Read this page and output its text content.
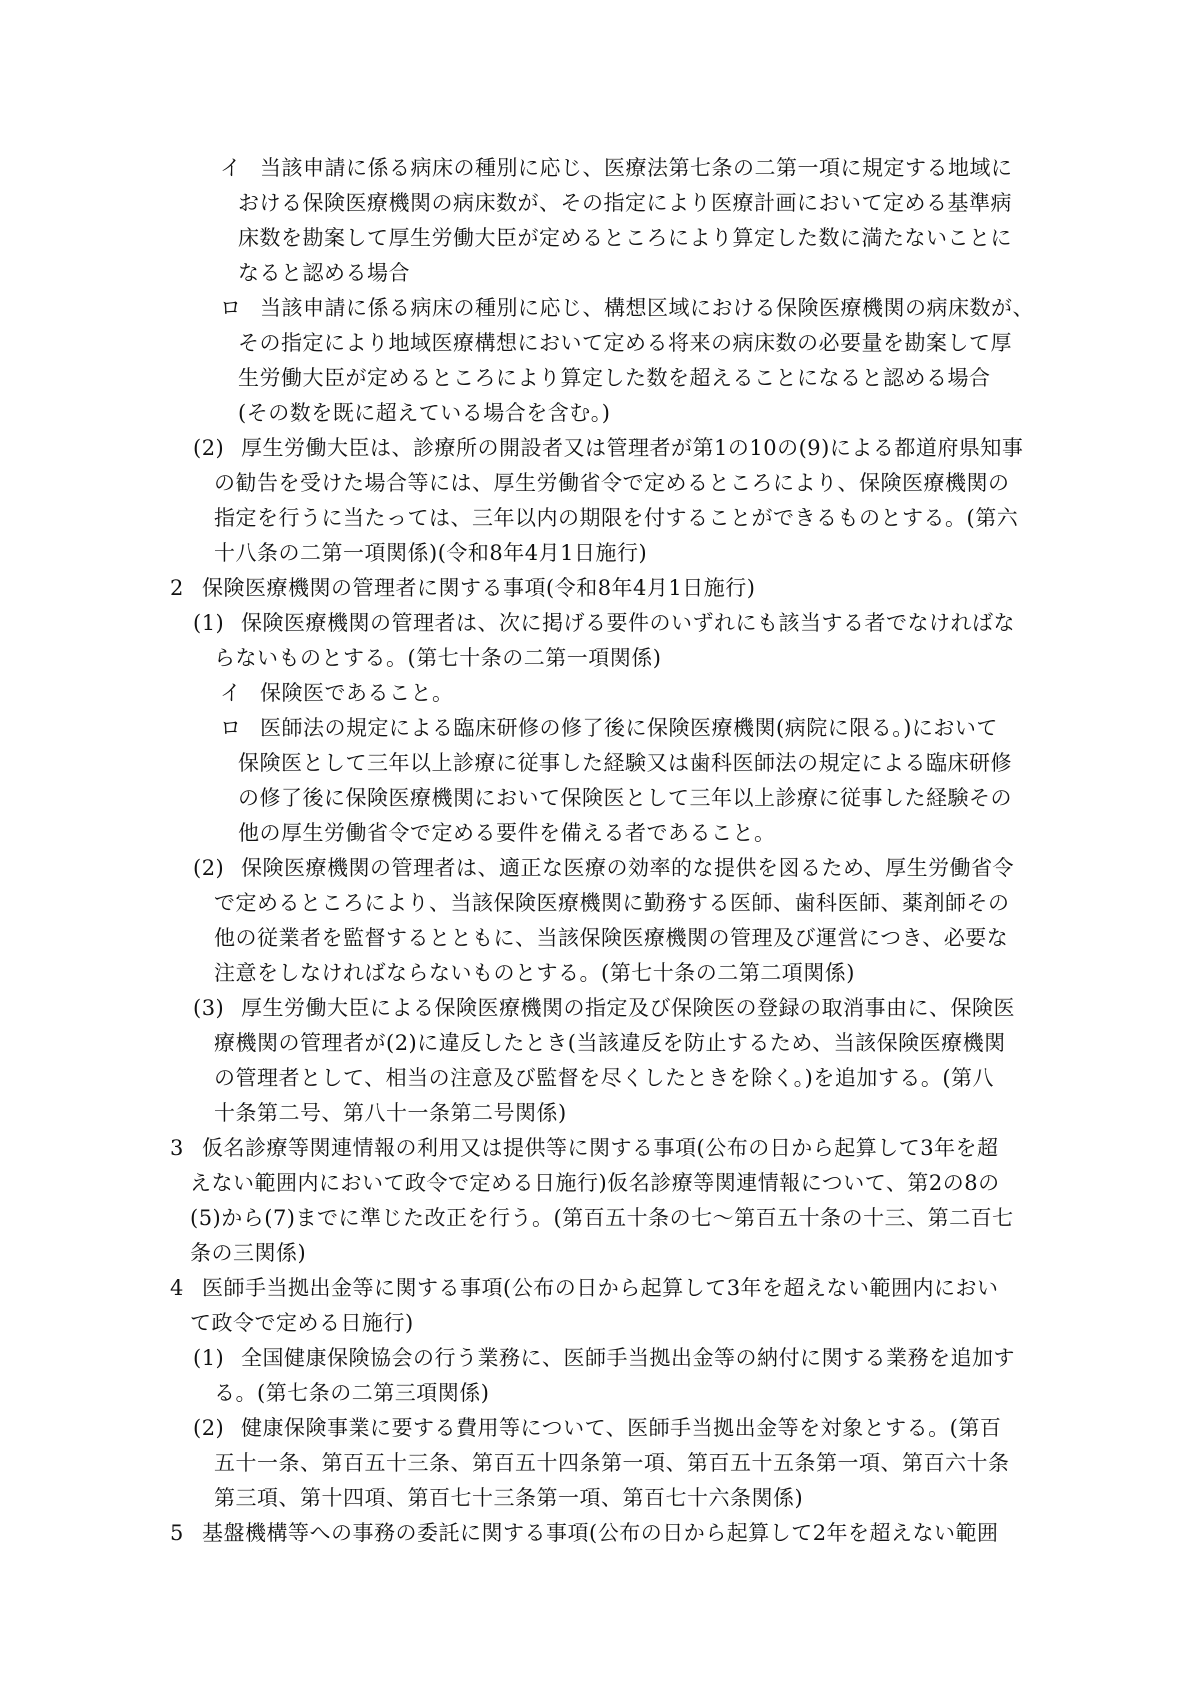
イ 当該申請に係る病床の種別に応じ、医療法第七条の二第一項に規定する地域に
おける保険医療機関の病床数が、その指定により医療計画において定める基準病
床数を勘案して厚生労働大臣が定めるところにより算定した数に満たないことに
なると認める場合
ロ 当該申請に係る病床の種別に応じ、構想区域における保険医療機関の病床数が、
その指定により地域医療構想において定める将来の病床数の必要量を勘案して厚
生労働大臣が定めるところにより算定した数を超えることになると認める場合
(その数を既に超えている場合を含む。)
(2) 厚生労働大臣は、診療所の開設者又は管理者が第1の10の(9)による都道府県知事
の勧告を受けた場合等には、厚生労働省令で定めるところにより、保険医療機関の
指定を行うに当たっては、三年以内の期限を付することができるものとする。(第六
十八条の二第一項関係)(令和8年4月1日施行)
2 保険医療機関の管理者に関する事項(令和8年4月1日施行)
(1) 保険医療機関の管理者は、次に掲げる要件のいずれにも該当する者でなければな
らないものとする。(第七十条の二第一項関係)
イ 保険医であること。
ロ 医師法の規定による臨床研修の修了後に保険医療機関(病院に限る。)において
保険医として三年以上診療に従事した経験又は歯科医師法の規定による臨床研修
の修了後に保険医療機関において保険医として三年以上診療に従事した経験その
他の厚生労働省令で定める要件を備える者であること。
(2) 保険医療機関の管理者は、適正な医療の効率的な提供を図るため、厚生労働省令
で定めるところにより、当該保険医療機関に勤務する医師、歯科医師、薬剤師その
他の従業者を監督するとともに、当該保険医療機関の管理及び運営につき、必要な
注意をしなければならないものとする。(第七十条の二第二項関係)
(3) 厚生労働大臣による保険医療機関の指定及び保険医の登録の取消事由に、保険医
療機関の管理者が(2)に違反したとき(当該違反を防止するため、当該保険医療機関
の管理者として、相当の注意及び監督を尽くしたときを除く。)を追加する。(第八
十条第二号、第八十一条第二号関係)
3 仮名診療等関連情報の利用又は提供等に関する事項(公布の日から起算して3年を超
えない範囲内において政令で定める日施行)仮名診療等関連情報について、第2の8の
(5)から(7)までに準じた改正を行う。(第百五十条の七～第百五十条の十三、第二百七
条の三関係)
4 医師手当拠出金等に関する事項(公布の日から起算して3年を超えない範囲内におい
て政令で定める日施行)
(1) 全国健康保険協会の行う業務に、医師手当拠出金等の納付に関する業務を追加す
る。(第七条の二第三項関係)
(2) 健康保険事業に要する費用等について、医師手当拠出金等を対象とする。(第百
五十一条、第百五十三条、第百五十四条第一項、第百五十五条第一項、第百六十条
第三項、第十四項、第百七十三条第一項、第百七十六条関係)
5 基盤機構等への事務の委託に関する事項(公布の日から起算して2年を超えない範囲
